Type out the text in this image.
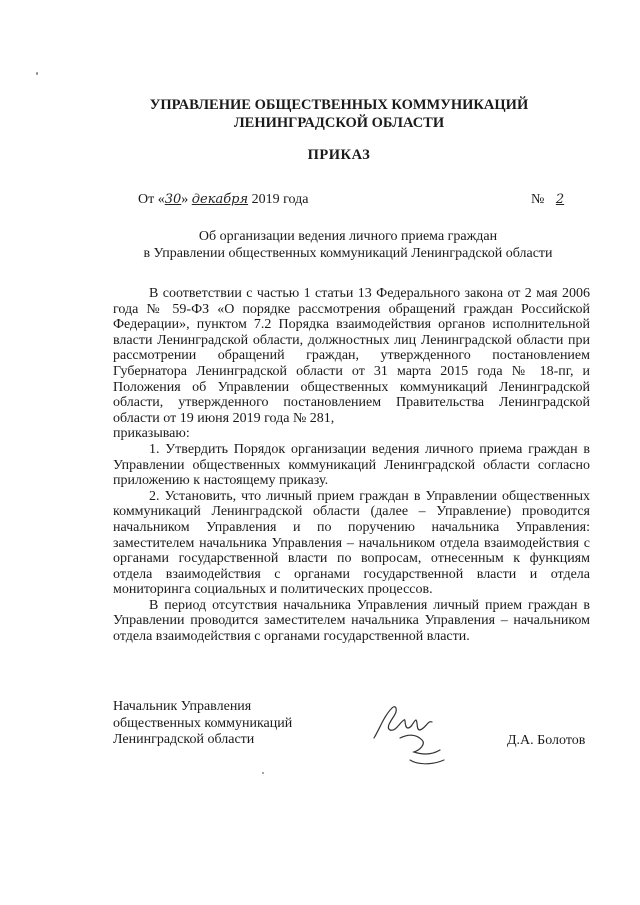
УПРАВЛЕНИЕ ОБЩЕСТВЕННЫХ КОММУНИКАЦИЙ
ЛЕНИНГРАДСКОЙ ОБЛАСТИ
ПРИКАЗ
От «30» декабря 2019 года	№ 2
Об организации ведения личного приема граждан
в Управлении общественных коммуникаций Ленинградской области

В соответствии с частью 1 статьи 13 Федерального закона от 2 мая 2006 года № 59-ФЗ «О порядке рассмотрения обращений граждан Российской Федерации», пунктом 7.2 Порядка взаимодействия органов исполнительной власти Ленинградской области, должностных лиц Ленинградской области при рассмотрении обращений граждан, утвержденного постановлением Губернатора Ленинградской области от 31 марта 2015 года № 18-пг, и Положения об Управлении общественных коммуникаций Ленинградской области, утвержденного постановлением Правительства Ленинградской области от 19 июня 2019 года № 281,

приказываю:

1. Утвердить Порядок организации ведения личного приема граждан в Управлении общественных коммуникаций Ленинградской области согласно приложению к настоящему приказу.

2. Установить, что личный прием граждан в Управлении общественных коммуникаций Ленинградской области (далее – Управление) проводится начальником Управления и по поручению начальника Управления: заместителем начальника Управления – начальником отдела взаимодействия с органами государственной власти по вопросам, отнесенным к функциям отдела взаимодействия с органами государственной власти и отдела мониторинга социальных и политических процессов.

В период отсутствия начальника Управления личный прием граждан в Управлении проводится заместителем начальника Управления – начальником отдела взаимодействия с органами государственной власти.

Начальник Управления
общественных коммуникаций
Ленинградской области	Д.А. Болотов
